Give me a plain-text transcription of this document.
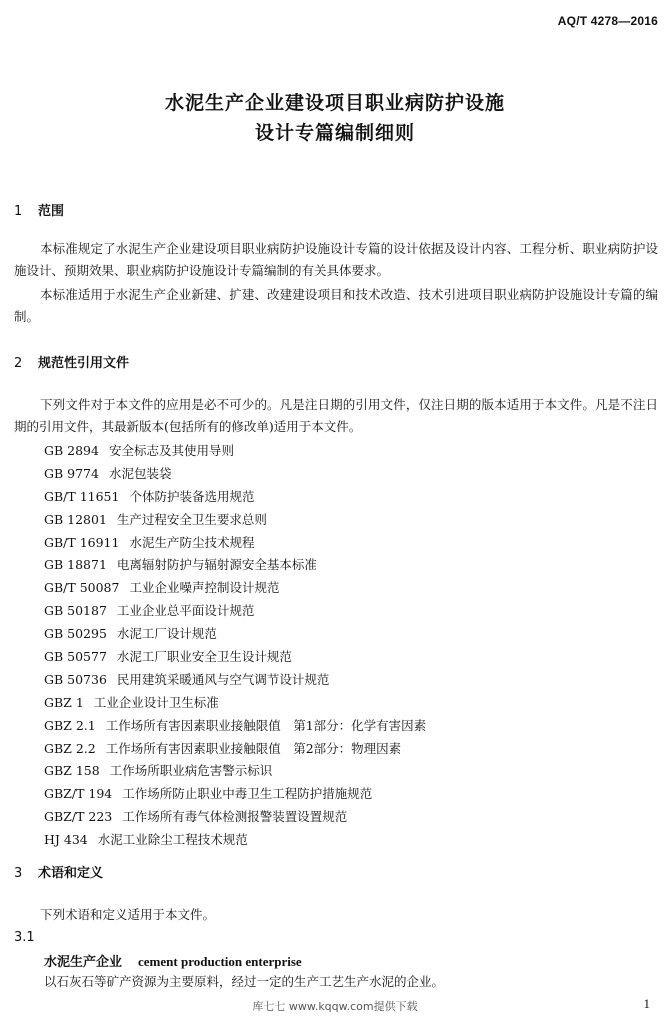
AQ/T 4278—2016
水泥生产企业建设项目职业病防护设施
设计专篇编制细则
1 范围
本标准规定了水泥生产企业建设项目职业病防护设施设计专篇的设计依据及设计内容、工程分析、职业病防护设施设计、预期效果、职业病防护设施设计专篇编制的有关具体要求。
本标准适用于水泥生产企业新建、扩建、改建建设项目和技术改造、技术引进项目职业病防护设施设计专篇的编制。
2 规范性引用文件
下列文件对于本文件的应用是必不可少的。凡是注日期的引用文件，仅注日期的版本适用于本文件。凡是不注日期的引用文件，其最新版本(包括所有的修改单)适用于本文件。
GB 2894 安全标志及其使用导则
GB 9774 水泥包装袋
GB/T 11651 个体防护装备选用规范
GB 12801 生产过程安全卫生要求总则
GB/T 16911 水泥生产防尘技术规程
GB 18871 电离辐射防护与辐射源安全基本标准
GB/T 50087 工业企业噪声控制设计规范
GB 50187 工业企业总平面设计规范
GB 50295 水泥工厂设计规范
GB 50577 水泥工厂职业安全卫生设计规范
GB 50736 民用建筑采暖通风与空气调节设计规范
GBZ 1 工业企业设计卫生标准
GBZ 2.1 工作场所有害因素职业接触限值　第1部分：化学有害因素
GBZ 2.2 工作场所有害因素职业接触限值　第2部分：物理因素
GBZ 158 工作场所职业病危害警示标识
GBZ/T 194 工作场所防止职业中毒卫生工程防护措施规范
GBZ/T 223 工作场所有毒气体检测报警装置设置规范
HJ 434 水泥工业除尘工程技术规范
3 术语和定义
下列术语和定义适用于本文件。
3.1
水泥生产企业 cement production enterprise
以石灰石等矿产资源为主要原料，经过一定的生产工艺生产水泥的企业。
库七七 www.kqqw.com提供下载	1
